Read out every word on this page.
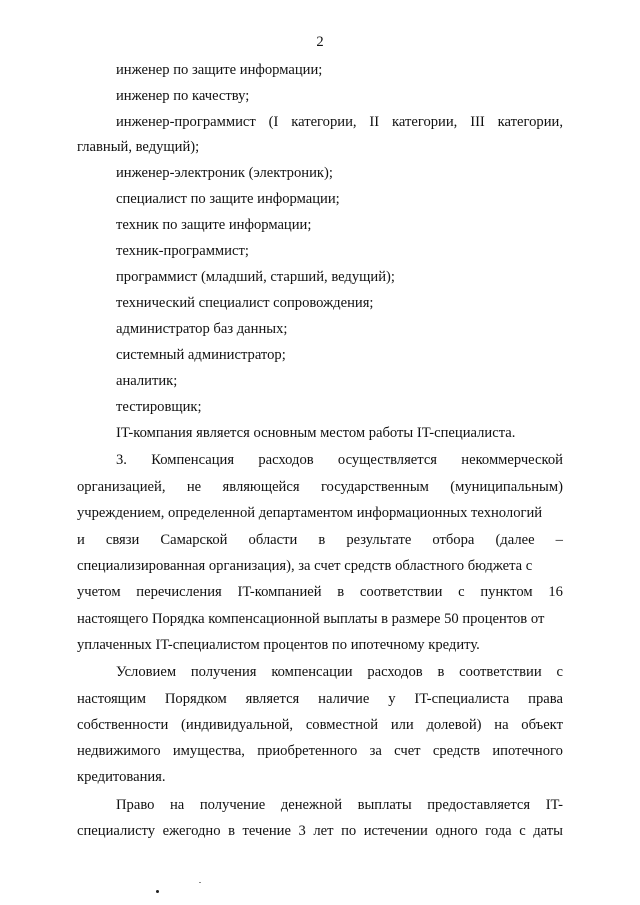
2
инженер по защите информации;
инженер по качеству;
инженер-программист (I категории, II категории, III категории,
главный, ведущий);
инженер-электроник (электроник);
специалист по защите информации;
техник по защите информации;
техник-программист;
программист (младший, старший, ведущий);
технический специалист сопровождения;
администратор баз данных;
системный администратор;
аналитик;
тестировщик;
IT-компания является основным местом работы IT-специалиста.
3. Компенсация расходов осуществляется некоммерческой
организацией, не являющейся государственным (муниципальным)
учреждением, определенной департаментом информационных технологий
и связи Самарской области в результате отбора (далее –
специализированная организация), за счет средств областного бюджета с
учетом перечисления IT-компанией в соответствии с пунктом 16
настоящего Порядка компенсационной выплаты в размере 50 процентов от
уплаченных IT-специалистом процентов по ипотечному кредиту.
Условием получения компенсации расходов в соответствии с
настоящим Порядком является наличие у IT-специалиста права
собственности (индивидуальной, совместной или долевой) на объект
недвижимого имущества, приобретенного за счет средств ипотечного
кредитования.
Право на получение денежной выплаты предоставляется IT-
специалисту ежегодно в течение 3 лет по истечении одного года с даты
